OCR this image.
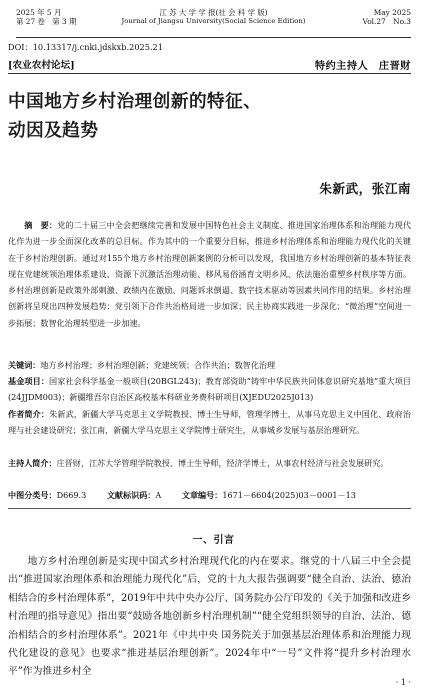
2025 年 5 月
第 27 卷　第 3 期
江 苏 大 学 学 报(社 会 科 学 版)
Journal of Jiangsu University(Social Science Edition)
May 2025
Vol.27　No.3
DOI：10.13317/j.cnki.jdskxb.2025.21
[农业农村论坛]	特约主持人　庄晋财
中国地方乡村治理创新的特征、
动因及趋势
朱新武，张江南
摘　要：党的二十届三中全会把继续完善和发展中国特色社会主义制度、推进国家治理体系和治理能力现代化作为进一步全面深化改革的总目标。作为其中的一个重要分目标，推进乡村治理体系和治理能力现代化的关键在于乡村治理创新。通过对155个地方乡村治理创新案例的分析可以发现，我国地方乡村治理创新的基本特征表现在党建统领治理体系建设、资源下沉激活治理动能、移风易俗涵育文明乡风、依法施治重塑乡村秩序等方面。乡村治理创新是政策外部刺激、政绩内在激励、问题诉求倒逼、数字技术驱动等因素共同作用的结果。乡村治理创新将呈现出四种发展趋势：党引领下合作共治格局进一步加深；民主协商实践进一步深化；“微治理”空间进一步拓展；数智化治理转型进一步加速。
关键词：地方乡村治理；乡村治理创新；党建统领；合作共治；数智化治理
基金项目：国家社会科学基金一般项目(20BGL243)；教育部资助“铸牢中华民族共同体意识研究基地”重大项目(24JJDM003)；新疆维吾尔自治区高校基本科研业务费科研项目(XJEDU2025J013)
作者简介：朱新武，新疆大学马克思主义学院教授、博士生导师，管理学博士，从事马克思主义中国化、政府治理与社会建设研究；张江南，新疆大学马克思主义学院博士研究生，从事城乡发展与基层治理研究。
主持人简介：庄晋财，江苏大学管理学院教授、博士生导师，经济学博士，从事农村经济与社会发展研究。
中图分类号：D669.3	文献标识码：A	文章编号：1671－6604(2025)03－0001－13
一、引言
地方乡村治理创新是实现中国式乡村治理现代化的内在要求。继党的十八届三中全会提出“推进国家治理体系和治理能力现代化”后，党的十九大报告强调要“健全自治、法治、德治相结合的乡村治理体系”，2019年中共中央办公厅、国务院办公厅印发的《关于加强和改进乡村治理的指导意见》指出要“鼓励各地创新乡村治理机制”“健全党组织领导的自治、法治、德治相结合的乡村治理体系”。2021年《中共中央 国务院关于加强基层治理体系和治理能力现代化建设的意见》也要求“推进基层治理创新”。2024年中“一号”文件将“提升乡村治理水平”作为推进乡村全
· 1 ·
